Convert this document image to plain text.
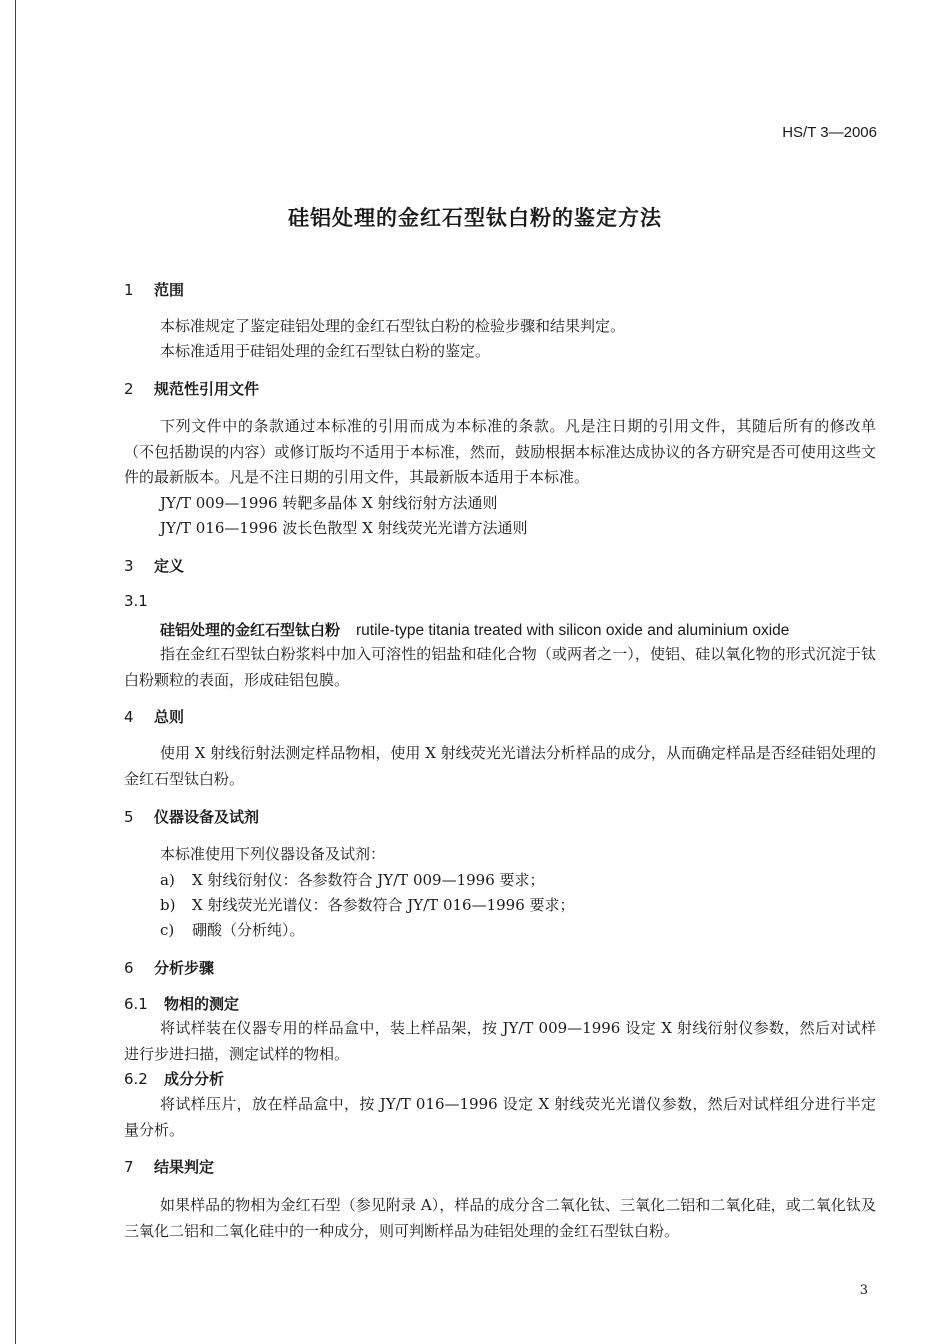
HS/T 3—2006
硅铝处理的金红石型钛白粉的鉴定方法
1 范围
本标准规定了鉴定硅铝处理的金红石型钛白粉的检验步骤和结果判定。
本标准适用于硅铝处理的金红石型钛白粉的鉴定。
2 规范性引用文件
下列文件中的条款通过本标准的引用而成为本标准的条款。凡是注日期的引用文件，其随后所有的修改单（不包括勘误的内容）或修订版均不适用于本标准，然而，鼓励根据本标准达成协议的各方研究是否可使用这些文件的最新版本。凡是不注日期的引用文件，其最新版本适用于本标准。
JY/T 009—1996 转靶多晶体 X 射线衍射方法通则
JY/T 016—1996 波长色散型 X 射线荧光光谱方法通则
3 定义
3.1
硅铝处理的金红石型钛白粉 rutile-type titania treated with silicon oxide and aluminium oxide
指在金红石型钛白粉浆料中加入可溶性的铝盐和硅化合物（或两者之一），使铝、硅以氧化物的形式沉淀于钛白粉颗粒的表面，形成硅铝包膜。
4 总则
使用 X 射线衍射法测定样品物相，使用 X 射线荧光光谱法分析样品的成分，从而确定样品是否经硅铝处理的金红石型钛白粉。
5 仪器设备及试剂
本标准使用下列仪器设备及试剂：
a) X 射线衍射仪：各参数符合 JY/T 009—1996 要求；
b) X 射线荧光光谱仪：各参数符合 JY/T 016—1996 要求；
c) 硼酸（分析纯）。
6 分析步骤
6.1 物相的测定
将试样装在仪器专用的样品盒中，装上样品架，按 JY/T 009—1996 设定 X 射线衍射仪参数，然后对试样进行步进扫描，测定试样的物相。
6.2 成分分析
将试样压片，放在样品盒中，按 JY/T 016—1996 设定 X 射线荧光光谱仪参数，然后对试样组分进行半定量分析。
7 结果判定
如果样品的物相为金红石型（参见附录 A），样品的成分含二氧化钛、三氧化二铝和二氧化硅，或二氧化钛及三氧化二铝和二氧化硅中的一种成分，则可判断样品为硅铝处理的金红石型钛白粉。
3
